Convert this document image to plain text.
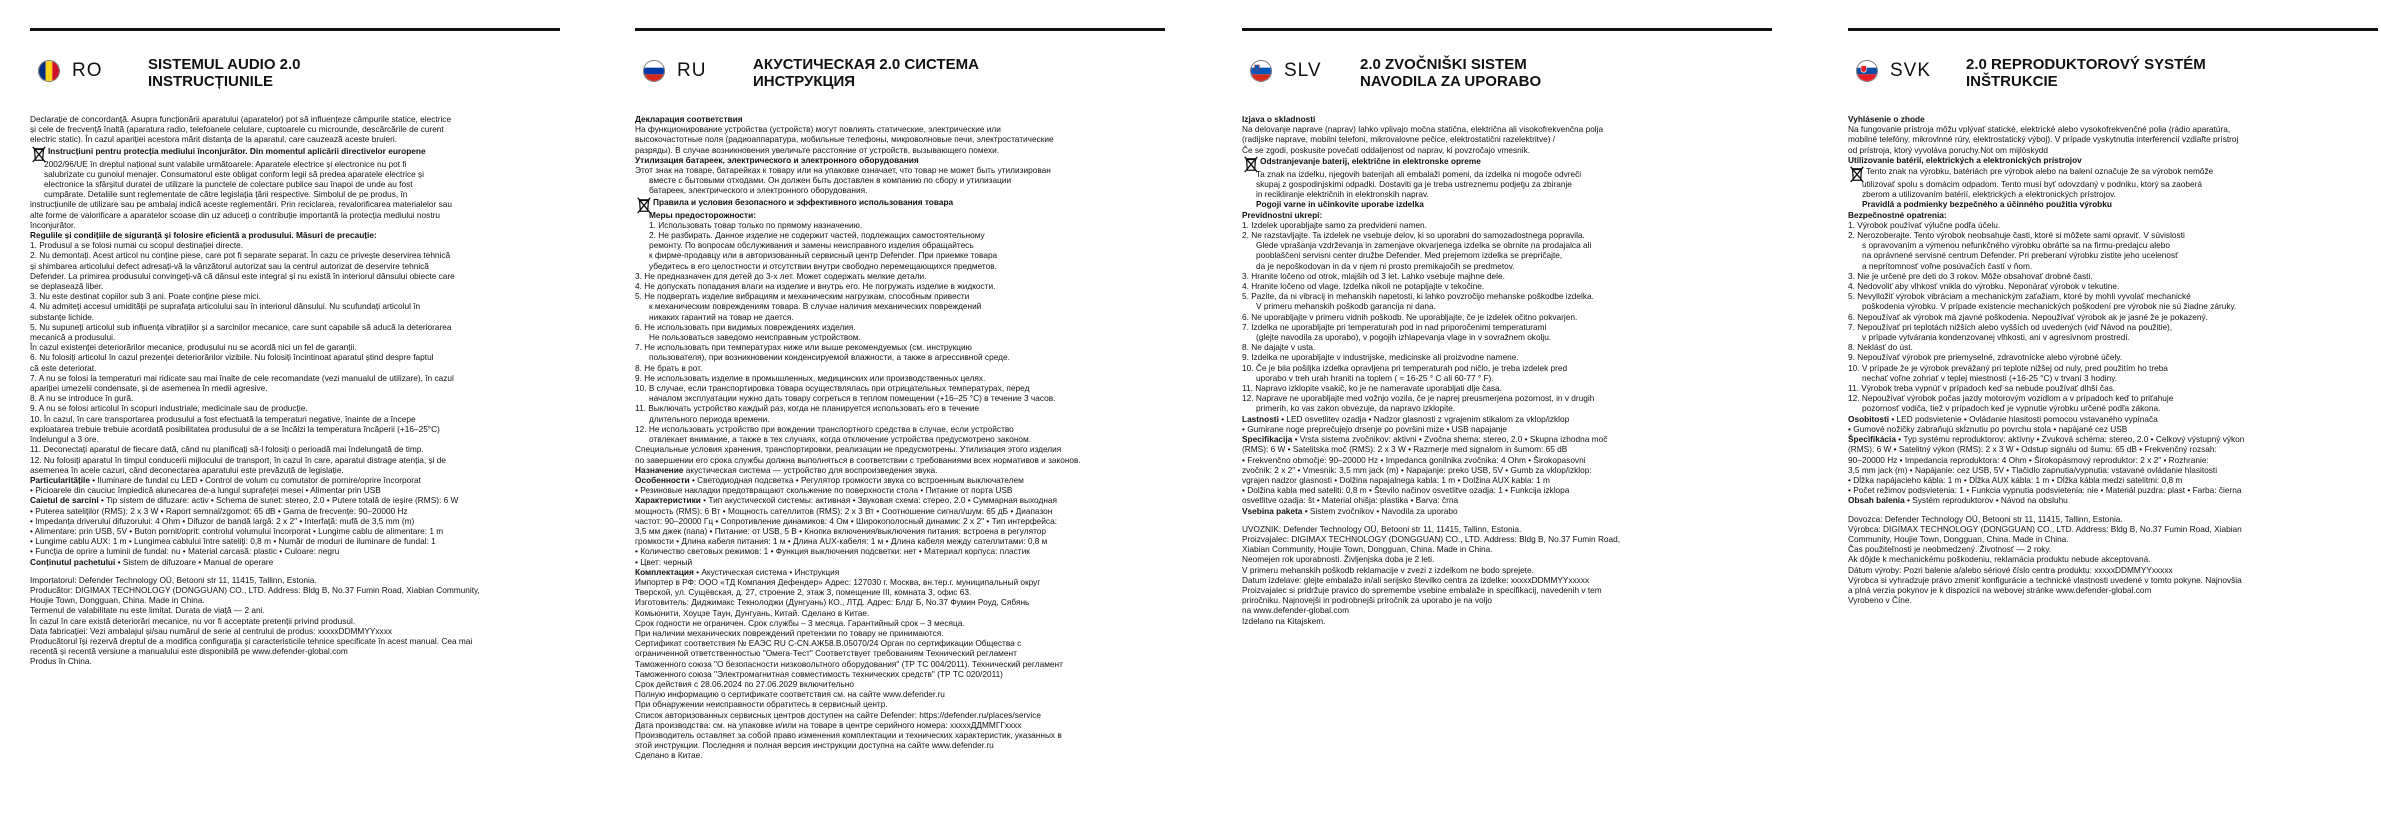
RO	SISTEMUL AUDIO 2.0
INSTRUCȚIUNILE

Declarație de concordanță. Asupra funcționării aparatului (aparatelor) pot să influențeze câmpurile statice, electrice

și cele de frecvență înaltă (aparatura radio, telefoanele celulare, cuptoarele cu microunde, descărcările de curent

electric static). În cazul apariției acestora mărit distanța de la aparatul, care cauzează aceste bruieri.

Instrucțiuni pentru protecția mediului înconjurător. Din momentul aplicării directivelor europene

2002/96/UE în dreptul național sunt valabile următoarele: Aparatele electrice și electronice nu pot fi

salubrizate cu gunoiul menajer. Consumatorul este obligat conform legii să predea aparatele electrice și

electronice la sfârșitul duratei de utilizare la punctele de colectare publice sau înapoi de unde au fost

cumpărate. Detaliile sunt reglementate de către legislația țării respective. Simbolul de pe produs, în

instrucțiunile de utilizare sau pe ambalaj indică aceste reglementări. Prin reciclarea, revalorificarea materialelor sau

alte forme de valorificare a aparatelor scoase din uz aduceți o contribuție importantă la protecția mediului nostru

înconjurător.

Regulile și condițiile de siguranță și folosire eficientă a produsului. Măsuri de precauție:

1. Produsul a se folosi numai cu scopul destinației directe.

2. Nu demontați. Acest articol nu conține piese, care pot fi separate separat. În cazu ce privește deservirea tehnică

și shimbarea articolului defect adresați-vă la vânzătorul autorizat sau la centrul autorizat de deservire tehnică

Defender. La primirea produsului convingeți-vă că dânsul este integral și nu există în interiorul dânsului obiecte care

se deplasează liber.

3. Nu este destinat copiilor sub 3 ani. Poate conține piese mici.

4. Nu admiteți accesul umidității pe suprafața articolului sau în interiorul dânsului. Nu scufundați articolul în

substanțe lichide.

5. Nu supuneți articolul sub influența vibrațiilor și a sarcinilor mecanice, care sunt capabile să aducă la deteriorarea

mecanică a produsului.

În cazul existenței deteriorărilor mecanice, produsului nu se acordă nici un fel de garanții.

6. Nu folosiți articolul în cazul prezenței deteriorărilor vizibile. Nu folosiți încintinoat aparatul ștind despre faptul

că este deteriorat.

7. A nu se folosi la temperaturi mai ridicate sau mai înalte de cele recomandate (vezi manualul de utilizare), în cazul

apariției umezelii condensate, și de asemenea în medii agresive.

8. A nu se introduce în gură.

9. A nu se folosi articolul în scopuri industriale, medicinale sau de producție.

10. În cazul, în care transportarea produsului a fost efectuată la temperaturi negative, înainte de a începe

exploatarea trebuie trebuie acordată posibilitatea produsului de a se încălzi la temperatura încăperii (+16–25°C)

îndelungul a 3 ore.

11. Deconectați aparatul de fiecare dată, când nu planificați să-l folosiți o perioadă mai îndelungată de timp.

12. Nu folosiți aparatul în timpul conducerii mijlocului de transport, în cazul în care, aparatul distrage atenția, și de

asemenea în acele cazuri, când deconectarea aparatului este prevăzută de legislație.

Particularitățile • Iluminare de fundal cu LED • Control de volum cu comutator de pornire/oprire încorporat

• Picioarele din cauciuc împiedică alunecarea de-a lungul suprafeței mesei • Alimentar prin USB

Caietul de sarcini • Tip sistem de difuzare: activ • Schema de sunet: stereo, 2.0 • Putere totală de ieșire (RMS): 6 W

• Puterea sateliților (RMS): 2 x 3 W • Raport semnal/zgomot: 65 dB • Gama de frecvențe: 90–20000 Hz

• Impedanța driverului difuzorului: 4 Ohm • Difuzor de bandă largă: 2 x 2" • Interfață: mufă de 3,5 mm (m)

• Alimentare: prin USB, 5V • Buton pornit/oprit: controlul volumului încorporat • Lungime cablu de alimentare: 1 m

• Lungime cablu AUX: 1 m • Lungimea cablului între sateliți: 0,8 m • Număr de moduri de iluminare de fundal: 1

• Funcția de oprire a luminii de fundal: nu • Material carcasă: plastic • Culoare: negru

Conținutul pachetului • Sistem de difuzoare • Manual de operare

Importatorul: Defender Technology OÜ, Betooni str 11, 11415, Tallinn, Estonia.

Producător: DIGIMAX TECHNOLOGY (DONGGUAN) CO., LTD. Address: Bldg B, No.37 Fumin Road, Xiabian Community,

Houjie Town, Dongguan, China. Made in China.

Termenul de valabilitate nu este limitat. Durata de viață — 2 ani.

În cazul în care există deteriorări mecanice, nu vor fi acceptate pretenții privind produsul.

Data fabricației: Vezi ambalajul și/sau numărul de serie al centrului de produs: xxxxxDDMMYYxxxx

Producătorul își rezervă dreptul de a modifica configurația și caracteristicile tehnice specificate în acest manual. Cea mai

recentă și recentă versiune a manualului este disponibilă pe www.defender-global.com

Produs în China.

RU	АКУСТИЧЕСКАЯ 2.0 СИСТЕМА
ИНСТРУКЦИЯ

Декларация соответствия

На функционирование устройства (устройств) могут повлиять статические, электрические или

высокочастотные поля (радиоаппаратура, мобильные телефоны, микроволновые печи, электростатические

разряды). В случае возникновения увеличьте расстояние от устройств, вызывающего помехи.

Утилизация батареек, электрического и электронного оборудования

Этот знак на товаре, батарейках к товару или на упаковке означает, что товар не может быть утилизирован

вместе с бытовыми отходами. Он должен быть доставлен в компанию по сбору и утилизации

батареек, электрического и электронного оборудования.

Правила и условия безопасного и эффективного использования товара

Меры предосторожности:

1. Использовать товар только по прямому назначению.

2. Не разбирать. Данное изделие не содержит частей, подлежащих самостоятельному

ремонту. По вопросам обслуживания и замены неисправного изделия обращайтесь

к фирме-продавцу или в авторизованный сервисный центр Defender. При приемке товара

убедитесь в его целостности и отсутствии внутри свободно перемещающихся предметов.

3. Не предназначен для детей до 3-х лет. Может содержать мелкие детали.

4. Не допускать попадания влаги на изделие и внутрь его. Не погружать изделие в жидкости.

5. Не подвергать изделие вибрациям и механическим нагрузкам, способным привести

к механическим повреждениям товара. В случае наличия механических повреждений

никаких гарантий на товар не дается.

6. Не использовать при видимых повреждениях изделия.

Не пользоваться заведомо неисправным устройством.

7. Не использовать при температурах ниже или выше рекомендуемых (см. инструкцию

пользователя), при возникновении конденсируемой влажности, а также в агрессивной среде.

8. Не брать в рот.

9. Не использовать изделие в промышленных, медицинских или производственных целях.

10. В случае, если транспортировка товара осуществлялась при отрицательных температурах, перед

началом эксплуатации нужно дать товару согреться в теплом помещении (+16–25 °С) в течение 3 часов.

11. Выключать устройство каждый раз, когда не планируется использовать его в течение

длительного периода времени.

12. Не использовать устройство при вождении транспортного средства в случае, если устройство

отвлекает внимание, а также в тех случаях, когда отключение устройства предусмотрено законом.

Специальные условия хранения, транспортировки, реализации не предусмотрены. Утилизация этого изделия

по завершении его срока службы должна выполняться в соответствии с требованиями всех нормативов и законов.

Назначение акустическая система — устройство для воспроизведения звука.

Особенности • Светодиодная подсветка • Регулятор громкости звука со встроенным выключателем

• Резиновые накладки предотвращают скольжение по поверхности стола • Питание от порта USB

Характеристики • Тип акустической системы: активная • Звуковая схема: стерео, 2.0 • Суммарная выходная

мощность (RMS): 6 Вт • Мощность сателлитов (RMS): 2 x 3 Вт • Соотношение сигнал/шум: 65 дБ • Диапазон

частот: 90–20000 Гц • Сопротивление динамиков: 4 Ом • Широкополосный динамик: 2 x 2" • Тип интерфейса:

3,5 мм джек (папа) • Питание: от USB, 5 В • Кнопка включения/выключения питания: встроена в регулятор

громкости • Длина кабеля питания: 1 м • Длина AUX-кабеля: 1 м • Длина кабеля между сателлитами: 0,8 м

• Количество световых режимов: 1 • Функция выключения подсветки: нет • Материал корпуса: пластик

• Цвет: черный

Комплектация • Акустическая система • Инструкция

Импортер в РФ: ООО «ТД Компания Дефендер» Адрес: 127030 г. Москва, вн.тер.г. муниципальный округ

Тверской, ул. Сущёвская, д. 27, строение 2, этаж 3, помещение III, комната 3, офис 63.

Изготовитель: Диджимакс Текнолоджи (Дунгуань) КО., ЛТД. Адрес: Блдг Б, No.37 Фумин Роуд, Сябянь

Комьюнити, Хоуцзе Таун, Дунгуань, Китай. Сделано в Китае.

Срок годности не ограничен. Срок службы – 3 месяца. Гарантийный срок – 3 месяца.

При наличии механических повреждений претензии по товару не принимаются.

Сертификат соответствия № ЕАЭС RU C-CN.АЖ58.В.05070/24 Орган по сертификации Общества с

ограниченной ответственностью "Омега-Тест" Соответствует требованиям Технический регламент

Таможенного союза "О безопасности низковольтного оборудования" (ТР ТС 004/2011). Технический регламент

Таможенного союза "Электромагнитная совместимость технических средств" (ТР ТС 020/2011)

Срок действия с 28.06.2024 по 27.06.2029 включительно

Полную информацию о сертификате соответствия см. на сайте www.defender.ru

При обнаружении неисправности обратитесь в сервисный центр.

Список авторизованных сервисных центров доступен на сайте Defender: https://defender.ru/places/service

Дата производства: см. на упаковке и/или на товаре в центре серийного номера: xxxxxДДММГГxxxx

Производитель оставляет за собой право изменения комплектации и технических характеристик, указанных в

этой инструкции. Последняя и полная версия инструкции доступна на сайте www.defender.ru

Сделано в Китае.

SLV	2.0 ZVOČNIŠKI SISTEM
NAVODILA ZA UPORABO

Izjava o skladnosti

Na delovanje naprave (naprav) lahko vplivajo močna statična, električna ali visokofrekvenčna polja

(radijske naprave, mobilni telefoni, mikrovalovne pečice, elektrostatični razelektritve) /

Če se zgodi, poskusite povečati oddaljenost od naprav, ki povzročajo vmesnik.

Odstranjevanje baterij, električne in elektronske opreme

Ta znak na izdelku, njegovih baterijah ali embalaži pomeni, da izdelka ni mogoče odvreči

skupaj z gospodinjskimi odpadki. Dostaviti ga je treba ustreznemu podjetju za zbiranje

in recikliranje električnih in elektronskih naprav.

Pogoji varne in učinkovite uporabe izdelka

Previdnostni ukrepi:

1. Izdelek uporabljajte samo za predvideni namen.

2. Ne razstavljajte. Ta izdelek ne vsebuje delov, ki so uporabni do samozadostnega popravila.

Glede vprašanja vzdrževanja in zamenjave okvarjenega izdelka se obrnite na prodajalca ali

pooblaščeni servisni center družbe Defender. Med prejemom izdelka se prepričajte,

da je nepoškodovan in da v njem ni prosto premikajočih se predmetov.

3. Hranite ločeno od otrok, mlajših od 3 let. Lahko vsebuje majhne dele.

4. Hranite ločeno od vlage. Izdelka nikoli ne potapljajte v tekočine.

5. Pazite, da ni vibracij in mehanskih napetosti, ki lahko povzročijo mehanske poškodbe izdelka.

V primeru mehanskih poškodb garancija ni dana.

6. Ne uporabljajte v primeru vidnih poškodb. Ne uporabljajte, če je izdelek očitno pokvarjen.

7. Izdelka ne uporabljajte pri temperaturah pod in nad priporočenimi temperaturami

(glejte navodila za uporabo), v pogojih izhlapevanja vlage in v sovražnem okolju.

8. Ne dajajte v usta.

9. Izdelka ne uporabljajte v industrijske, medicinske ali proizvodne namene.

10. Če je bila pošiljka izdelka opravljena pri temperaturah pod ničlo, je treba izdelek pred

uporabo v treh urah hraniti na toplem ( ≈ 16-25 ° C ali 60-77 ° F).

11. Napravo izklopite vsakič, ko je ne nameravate uporabljati dlje časa.

12. Naprave ne uporabljajte med vožnjo vozila, če je naprej preusmerjena pozornost, in v drugih

primerih, ko vas zakon obvezuje, da napravo izklopite.

Lastnosti • LED osvetlitev ozadja • Nadzor glasnosti z vgrajenim stikalom za vklop/izklop

• Gumirane noge preprečujejo drsenje po površini mize • USB napajanje

Specifikacija • Vrsta sistema zvočnikov: aktivni • Zvočna shema: stereo, 2.0 • Skupna izhodna moč

(RMS): 6 W • Satelitska moč (RMS): 2 x 3 W • Razmerje med signalom in šumom: 65 dB

• Frekvenčno območje: 90–20000 Hz • Impedanca gonilnika zvočnika: 4 Ohm • Širokopasovni

zvočnik: 2 x 2" • Vmesnik: 3,5 mm jack (m) • Napajanje: preko USB, 5V • Gumb za vklop/izklop:

vgrajen nadzor glasnosti • Dolžina napajalnega kabla: 1 m • Dolžina AUX kabla: 1 m

• Dolžina kabla med sateliti: 0,8 m • Število načinov osvetlitve ozadja: 1 • Funkcija izklopa

osvetlitve ozadja: št • Material ohišja: plastika • Barva: črna

Vsebina paketa • Sistem zvočnikov • Navodila za uporabo

UVOZNIK: Defender Technology OÜ, Betooni str 11, 11415, Tallinn, Estonia.

Proizvajalec: DIGIMAX TECHNOLOGY (DONGGUAN) CO., LTD. Address: Bldg B, No.37 Fumin Road,

Xiabian Community, Houjie Town, Dongguan, China. Made in China.

Neomejen rok uporabnosti. Življenjska doba je 2 leti.

V primeru mehanskih poškodb reklamacije v zvezi z izdelkom ne bodo sprejete.

Datum izdelave: glejte embalažo in/ali serijsko številko centra za izdelke: xxxxxDDMMYYxxxxx

Proizvajalec si pridržuje pravico do spremembe vsebine embalaže in specifikacij, navedenih v tem

priročniku. Najnovejši in podrobnejši priročnik za uporabo je na voljo

na www.defender-global.com

Izdelano na Kitajskem.

SVK 2.0 REPRODUKTOROVÝ SYSTÉM
INŠTRUKCIE

Vyhlásenie o zhode

Na fungovanie prístroja môžu vplývať statické, elektrické alebo vysokofrekvenčné polia (rádio aparatúra,

mobilné telefóny, mikrovlnné rúry, elektrostatický výboj). V prípade vyskytnutia interferencií vzdiaľte prístroj

od prístroja, ktorý vyvoláva poruchy.Not om mijlöskydd

Utilizovanie batérií, elektrických a elektronických prístrojov

Tento znak na výrobku, batériách pre výrobok alebo na balení označuje že sa výrobok nemôže

utilizovať spolu s domácim odpadom. Tento musí byť odovzdaný v podniku, ktorý sa zaoberá

zberom a utilizovaním batérií, elektrických a elektronických prístrojov.

Pravidlá a podmienky bezpečného a účinného použitia výrobku

Bezpečnostné opatrenia:

1. Výrobok používať výlučne podľa účelu.

2. Nerozoberajte. Tento výrobok neobsahuje časti, ktoré si môžete sami opraviť. V súvislosti

s opravovaním a výmenou nefunkčného výrobku obráťte sa na firmu-predajcu alebo

na oprávnené servisné centrum Defender. Pri preberaní výrobku zistite jeho ucelenosť

a neprítomnosť voľne posúvačích častí v ňom.

3. Nie je určené pre deti do 3 rokov. Môže obsahovať drobné časti.

4. Nedovoliť aby vlhkosť vnikla do výrobku. Neponárať výrobok v tekutine.

5. Nevylložiť výrobok vibráciam a mechanickým zaťažiam, ktoré by mohli vyvolať mechanické

poškodenia výrobku. V prípade existencie mechanických poškodení pre výrobok nie sú žiadne záruky.

6. Nepoužívať ak výrobok má zjavné poškodenia. Nepoužívať výrobok ak je jasné že je pokazený.

7. Nepoužívať pri teplotách nižších alebo vyšších od uvedených (viď Návod na použitie),

v prípade vytvárania kondenzovanej vlhkosti, ani v agresívnom prostredí.

8. Neklásť do úst.

9. Nepoužívať výrobok pre priemyselné, zdravotnícke alebo výrobné účely.

10. V prípade že je výrobok prevážaný pri teplote nižšej od nuly, pred použitím ho treba

nechať voľne zohriať v teplej miestnosti (+16-25 °C) v trvaní 3 hodiny.

11. Výrobok treba vypnúť v prípadoch keď sa nebude používať dlhší čas.

12. Nepoužívať výrobok počas jazdy motorovým vozidlom a v prípadoch keď to priťahuje

pozornosť vodiča, tiež v prípadoch keď je vypnutie výrobku určené podľa zákona.

Osobitosti • LED podsvietenie • Ovládanie hlasitosti pomocou vstavaného vypínača

• Gumové nožičky zabraňujú skĺznutiu po povrchu stola • napájané cez USB

Špecifikácia • Typ systému reproduktorov: aktívny • Zvuková schéma: stereo, 2.0 • Celkový výstupný výkon

(RMS): 6 W • Satelitný výkon (RMS): 2 x 3 W • Odstup signálu od šumu: 65 dB • Frekvenčný rozsah:

90–20000 Hz • Impedancia reproduktora: 4 Ohm • Širokopásmový reproduktor: 2 x 2" • Rozhranie:

3,5 mm jack (m) • Napájanie: cez USB, 5V • Tlačidlo zapnutia/vypnutia: vstavané ovládanie hlasitosti

• Dĺžka napájacieho kábla: 1 m • Dĺžka AUX kábla: 1 m • Dĺžka kábla medzi satelitmi: 0,8 m

• Počet režimov podsvietenia: 1 • Funkcia vypnutia podsvietenia: nie • Materiál puzdra: plast • Farba: čierna

Obsah balenia • Systém reproduktorov • Návod na obsluhu

Dovozca: Defender Technology OÜ, Betooni str 11, 11415, Tallinn, Estonia.

Výrobca: DIGIMAX TECHNOLOGY (DONGGUAN) CO., LTD. Address: Bldg B, No.37 Fumin Road, Xiabian

Community, Houjie Town, Dongguan, China. Made in China.

Čas použiteľnosti je neobmedzený. Životnosť — 2 roky.

Ak dôjde k mechanickému poškodeniu, reklamácia produktu nebude akceptovaná.

Dátum výroby: Pozri balenie a/alebo sériové číslo centra produktu: xxxxxDDMMYYxxxxx

Výrobca si vyhradzuje právo zmeniť konfigurácie a technické vlastnosti uvedené v tomto pokyne. Najnovšia

a plná verzia pokynov je k dispozícii na webovej stránke www.defender-global.com

Vyrobeno v Číne.
